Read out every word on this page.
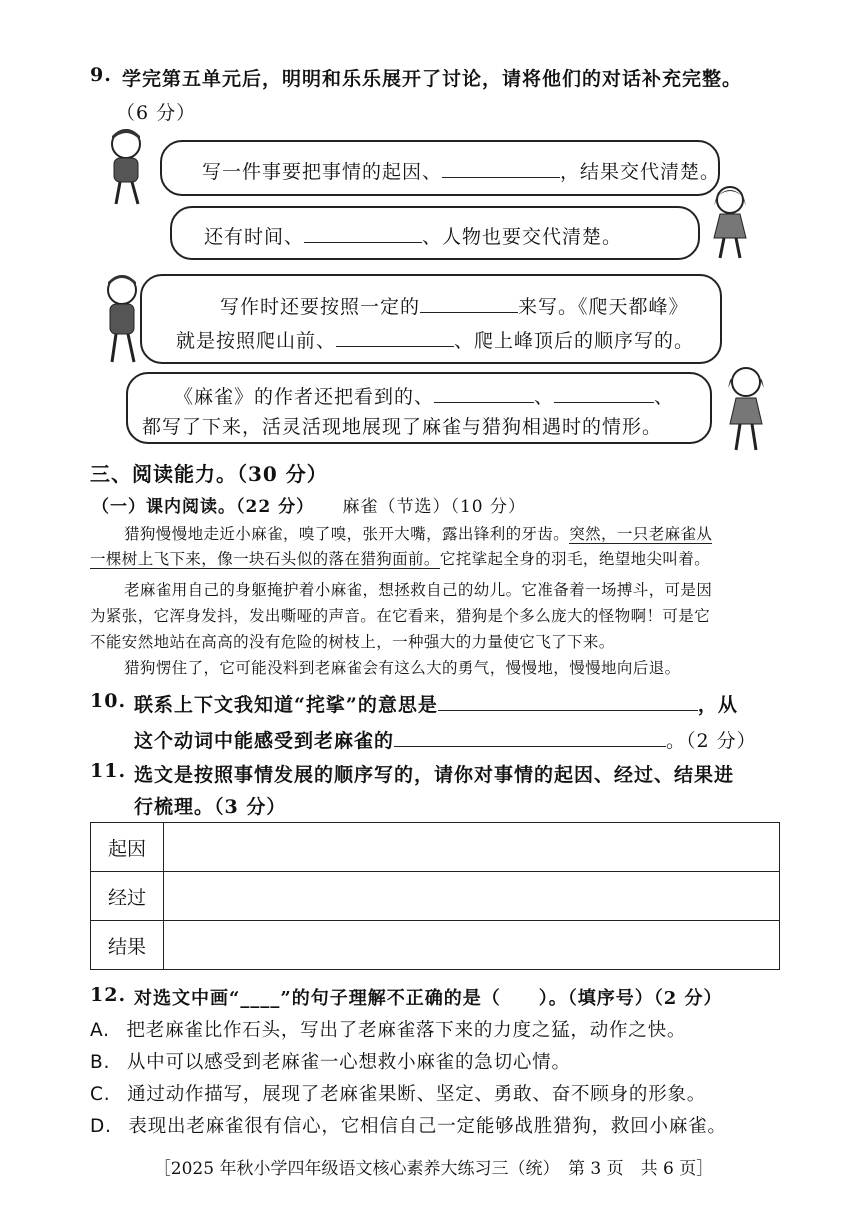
9. 学完第五单元后，明明和乐乐展开了讨论，请将他们的对话补充完整。
（6 分）
写一件事要把事情的起因、	，结果交代清楚。
还有时间、	、人物也要交代清楚。
写作时还要按照一定的	来写。《爬天都峰》
就是按照爬山前、	、爬上峰顶后的顺序写的。
《麻雀》的作者还把看到的、	、	、
都写了下来，活灵活现地展现了麻雀与猎狗相遇时的情形。
三、阅读能力。（30 分）
（一）课内阅读。（22 分） 麻雀（节选）（10 分）
猎狗慢慢地走近小麻雀，嗅了嗅，张开大嘴，露出锋利的牙齿。突然，一只老麻雀从
一棵树上飞下来，像一块石头似的落在猎狗面前。它挓挲起全身的羽毛，绝望地尖叫着。
老麻雀用自己的身躯掩护着小麻雀，想拯救自己的幼儿。它准备着一场搏斗，可是因
为紧张，它浑身发抖，发出嘶哑的声音。在它看来，猎狗是个多么庞大的怪物啊！可是它
不能安然地站在高高的没有危险的树枝上，一种强大的力量使它飞了下来。
猎狗愣住了，它可能没料到老麻雀会有这么大的勇气，慢慢地，慢慢地向后退。
10. 联系上下文我知道“挓挲”的意思是	，从
这个动词中能感受到老麻雀的	。（2 分）
11. 选文是按照事情发展的顺序写的，请你对事情的起因、经过、结果进
行梳理。（3 分）
起因	
经过	
结果	
12. 对选文中画“____”的句子理解不正确的是（　　）。（填序号）（2 分）
A. 把老麻雀比作石头，写出了老麻雀落下来的力度之猛，动作之快。
B. 从中可以感受到老麻雀一心想救小麻雀的急切心情。
C. 通过动作描写，展现了老麻雀果断、坚定、勇敢、奋不顾身的形象。
D. 表现出老麻雀很有信心，它相信自己一定能够战胜猎狗，救回小麻雀。
［2025 年秋小学四年级语文核心素养大练习三（统）　第 3 页　共 6 页］
